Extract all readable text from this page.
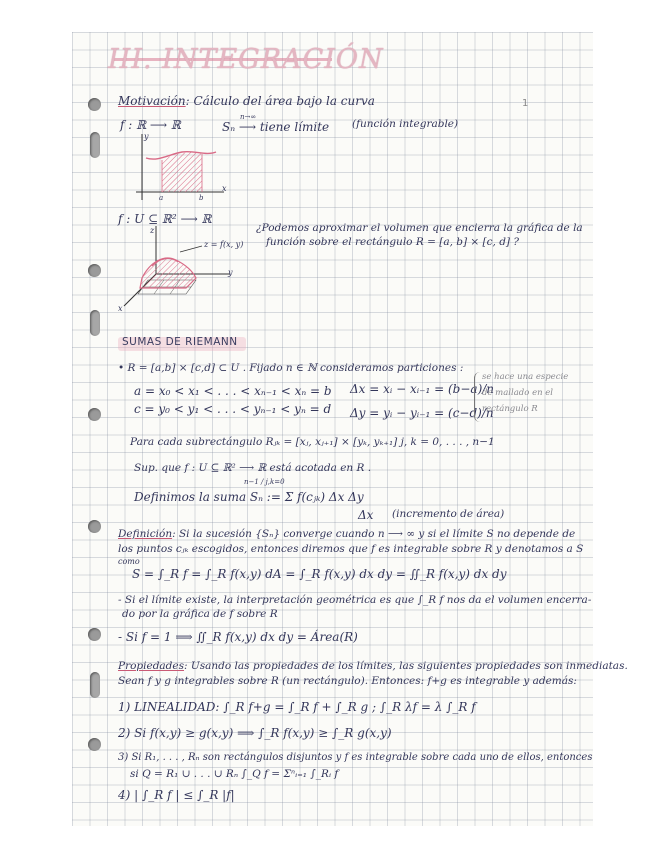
III. INTEGRACIÓN
1
Motivación: Cálculo del área bajo la curva
f : ℝ ⟶ ℝ
n→∞
Sₙ ⟶ tiene límite (función integrable)
y
x
a	b
f : U ⊆ ℝ² ⟶ ℝ
¿Podemos aproximar el volumen que encierra la gráfica de la
función sobre el rectángulo R = [a, b] × [c, d] ?
z
z = f(x, y)
y
x
SUMAS DE RIEMANN
• R = [a,b] × [c,d] ⊂ U . Fijado n ∈ ℕ consideramos particiones :
a = x₀ < x₁ < . . . < xₙ₋₁ < xₙ = b
c = y₀ < y₁ < . . . < yₙ₋₁ < yₙ = d
Δx = xᵢ − xᵢ₋₁ = (b−a)/n
Δy = yᵢ − yᵢ₋₁ = (c−d)/n
se hace una especie
de mallado en el
rectángulo R
Para cada subrectángulo Rⱼₖ = [xⱼ, xⱼ₊₁] × [yₖ, yₖ₊₁] j, k = 0, . . . , n−1
Sup. que f : U ⊆ ℝ² ⟶ ℝ está acotada en R .
n−1 / j,k=0
Definimos la suma Sₙ := Σ f(cⱼₖ) Δx Δy
Δx (incremento de área)
Definición: Si la sucesión {Sₙ} converge cuando n ⟶ ∞ y si el límite S no depende de
los puntos cⱼₖ escogidos, entonces diremos que f es integrable sobre R y denotamos a S
como
S = ∫_R f = ∫_R f(x,y) dA = ∫_R f(x,y) dx dy = ∬_R f(x,y) dx dy
- Si el límite existe, la interpretación geométrica es que ∫_R f nos da el volumen encerra-
do por la gráfica de f sobre R
- Si f = 1 ⟹ ∬_R f(x,y) dx dy = Área(R)
Propiedades: Usando las propiedades de los límites, las siguientes propiedades son inmediatas.
Sean f y g integrables sobre R (un rectángulo). Entonces: f+g es integrable y además:
1) LINEALIDAD: ∫_R f+g = ∫_R f + ∫_R g ; ∫_R λf = λ ∫_R f
2) Si f(x,y) ≥ g(x,y) ⟹ ∫_R f(x,y) ≥ ∫_R g(x,y)
3) Si R₁, . . . , Rₙ son rectángulos disjuntos y f es integrable sobre cada uno de ellos, entonces
si Q = R₁ ∪ . . . ∪ Rₙ ∫_Q f = Σⁿᵢ₌₁ ∫_Rᵢ f
4) | ∫_R f | ≤ ∫_R |f|
